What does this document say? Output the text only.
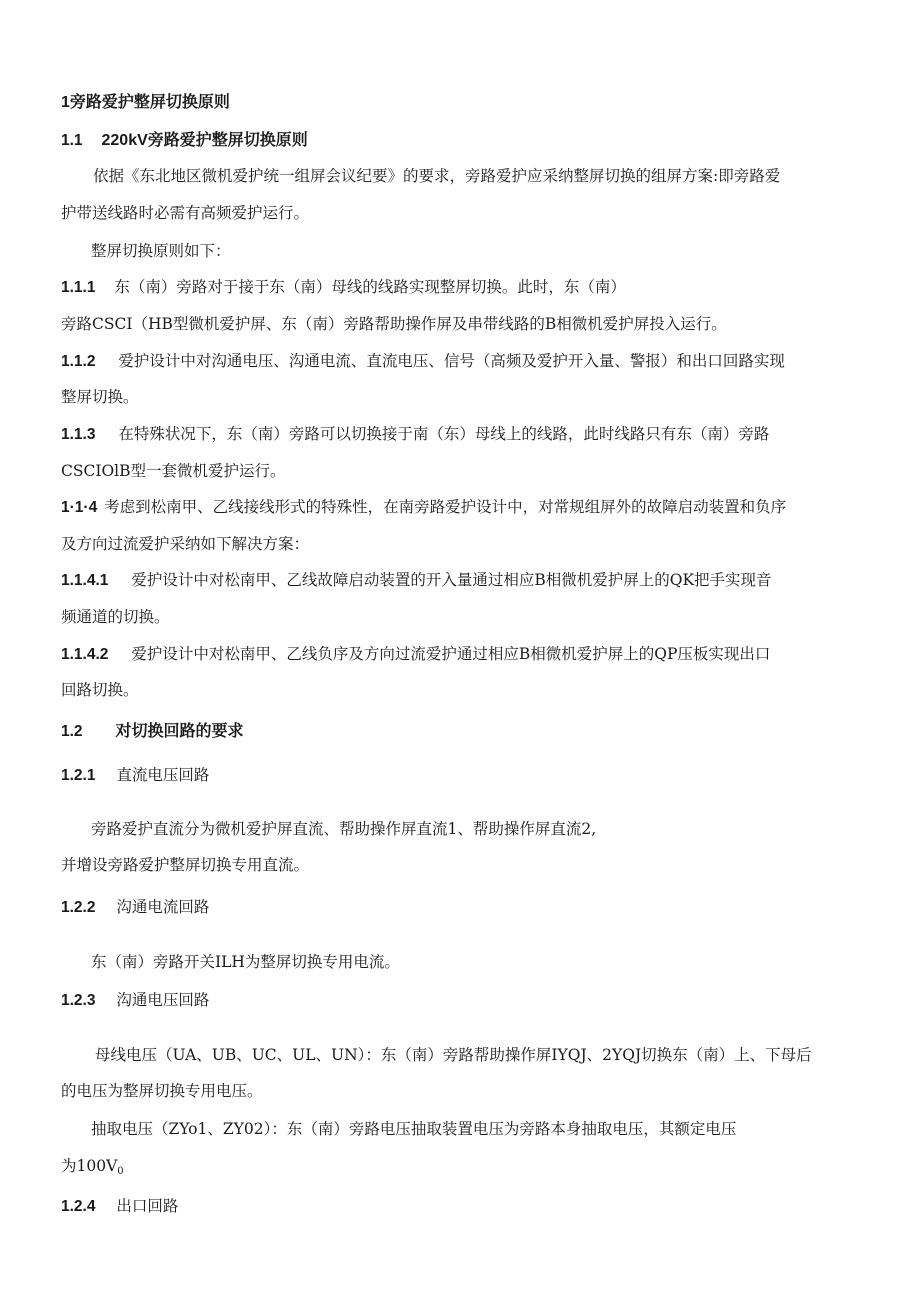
1旁路爱护整屏切换原则
1.1 220kV旁路爱护整屏切换原则
依据《东北地区微机爱护统一组屏会议纪要》的要求，旁路爱护应采纳整屏切换的组屏方案:即旁路爱
护带送线路时必需有高频爱护运行。
整屏切换原则如下：
1.1.1 东（南）旁路对于接于东（南）母线的线路实现整屏切换。此时，东（南）
旁路CSCI（HB型微机爱护屏、东（南）旁路帮助操作屏及串带线路的B相微机爱护屏投入运行。
1.1.2 爱护设计中对沟通电压、沟通电流、直流电压、信号（高频及爱护开入量、警报）和出口回路实现
整屏切换。
1.1.3 在特殊状况下，东（南）旁路可以切换接于南（东）母线上的线路，此时线路只有东（南）旁路
CSCIOlB型一套微机爱护运行。
1·1·4 考虑到松南甲、乙线接线形式的特殊性，在南旁路爱护设计中，对常规组屏外的故障启动装置和负序
及方向过流爱护采纳如下解决方案：
1.1.4.1 爱护设计中对松南甲、乙线故障启动装置的开入量通过相应B相微机爱护屏上的QK把手实现音
频通道的切换。
1.1.4.2 爱护设计中对松南甲、乙线负序及方向过流爱护通过相应B相微机爱护屏上的QP压板实现出口
回路切换。
1.2 对切换回路的要求
1.2.1 直流电压回路
旁路爱护直流分为微机爱护屏直流、帮助操作屏直流1、帮助操作屏直流2,
并增设旁路爱护整屏切换专用直流。
1.2.2 沟通电流回路
东（南）旁路开关ILH为整屏切换专用电流。
1.2.3 沟通电压回路
母线电压（UA、UB、UC、UL、UN）：东（南）旁路帮助操作屏IYQJ、2YQJ切换东（南）上、下母后
的电压为整屏切换专用电压。
抽取电压（ZYo1、ZY02）：东（南）旁路电压抽取装置电压为旁路本身抽取电压，其额定电压
为$100V_0$
1.2.4 出口回路
